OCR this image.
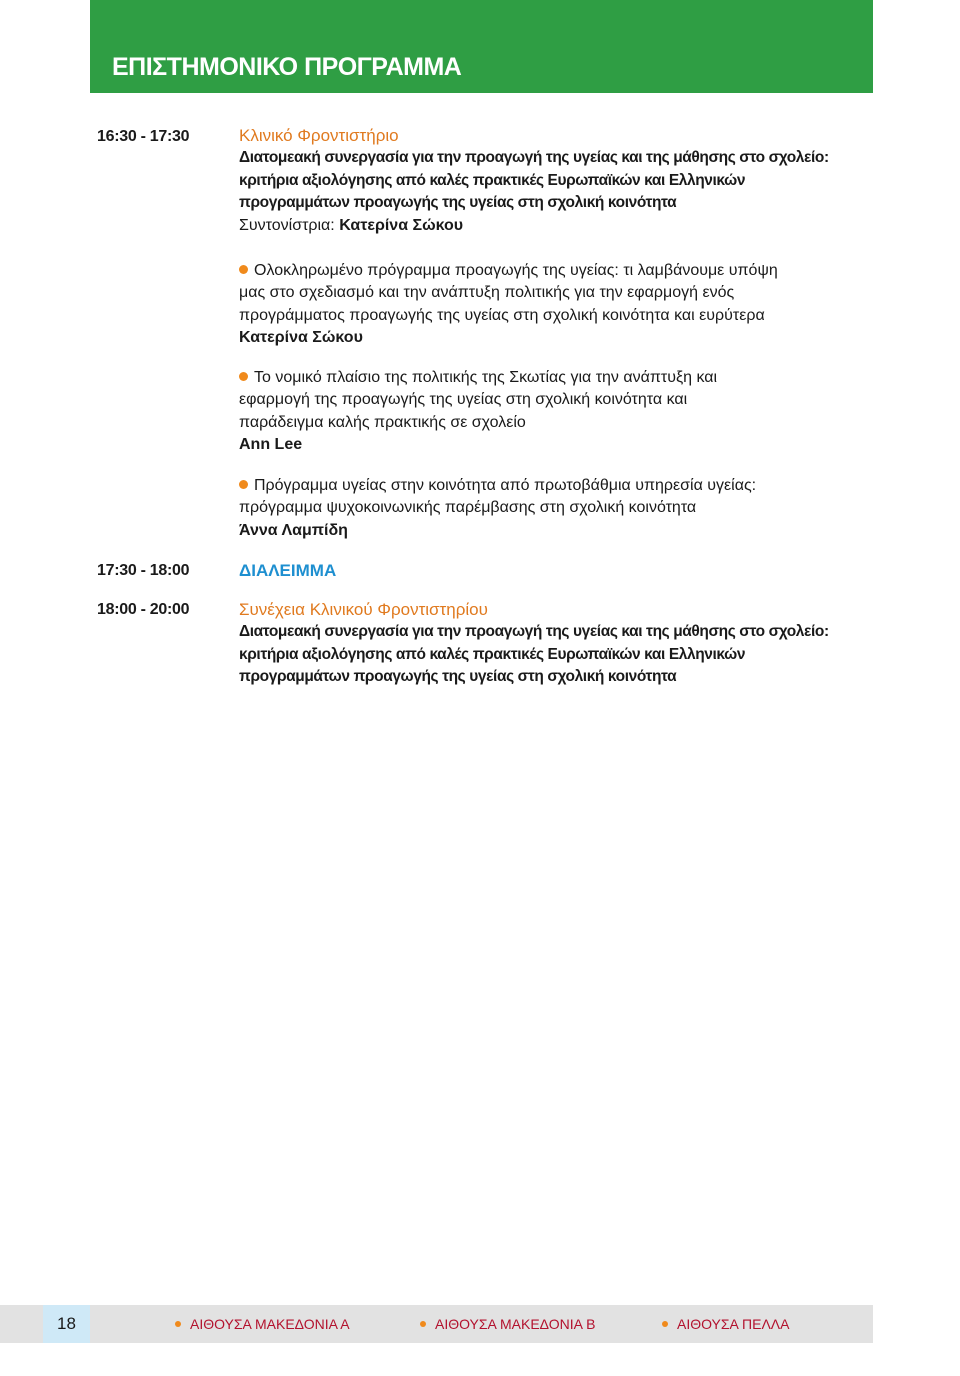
ΕΠΙΣΤΗΜΟΝΙΚΟ ΠΡΟΓΡΑΜΜΑ
16:30 - 17:30	Κλινικό Φροντιστήριο

Διατομεακή συνεργασία για την προαγωγή της υγείας και της μάθησης στο σχολείο:

κριτήρια αξιολόγησης από καλές πρακτικές Ευρωπαϊκών και Ελληνικών

προγραμμάτων προαγωγής της υγείας στη σχολική κοινότητα

Συντονίστρια: Κατερίνα Σώκου

Ολοκληρωμένο πρόγραμμα προαγωγής της υγείας: τι λαμβάνουμε υπόψη

μας στο σχεδιασμό και την ανάπτυξη πολιτικής για την εφαρμογή ενός

προγράμματος προαγωγής της υγείας στη σχολική κοινότητα και ευρύτερα

Κατερίνα Σώκου

Το νομικό πλαίσιο της πολιτικής της Σκωτίας για την ανάπτυξη και

εφαρμογή της προαγωγής της υγείας στη σχολική κοινότητα και

παράδειγμα καλής πρακτικής σε σχολείο

Ann Lee

Πρόγραμμα υγείας στην κοινότητα από πρωτοβάθμια υπηρεσία υγείας:

πρόγραμμα ψυχοκοινωνικής παρέμβασης στη σχολική κοινότητα

Άννα Λαμπίδη

17:30 - 18:00	ΔΙΑΛΕΙΜΜΑ

18:00 - 20:00	Συνέχεια Κλινικού Φροντιστηρίου

Διατομεακή συνεργασία για την προαγωγή της υγείας και της μάθησης στο σχολείο:

κριτήρια αξιολόγησης από καλές πρακτικές Ευρωπαϊκών και Ελληνικών

προγραμμάτων προαγωγής της υγείας στη σχολική κοινότητα

18	ΑΙΘΟΥΣΑ ΜΑΚΕΔΟΝΙΑ Α	ΑΙΘΟΥΣΑ ΜΑΚΕΔΟΝΙΑ Β	ΑΙΘΟΥΣΑ ΠΕΛΛΑ
